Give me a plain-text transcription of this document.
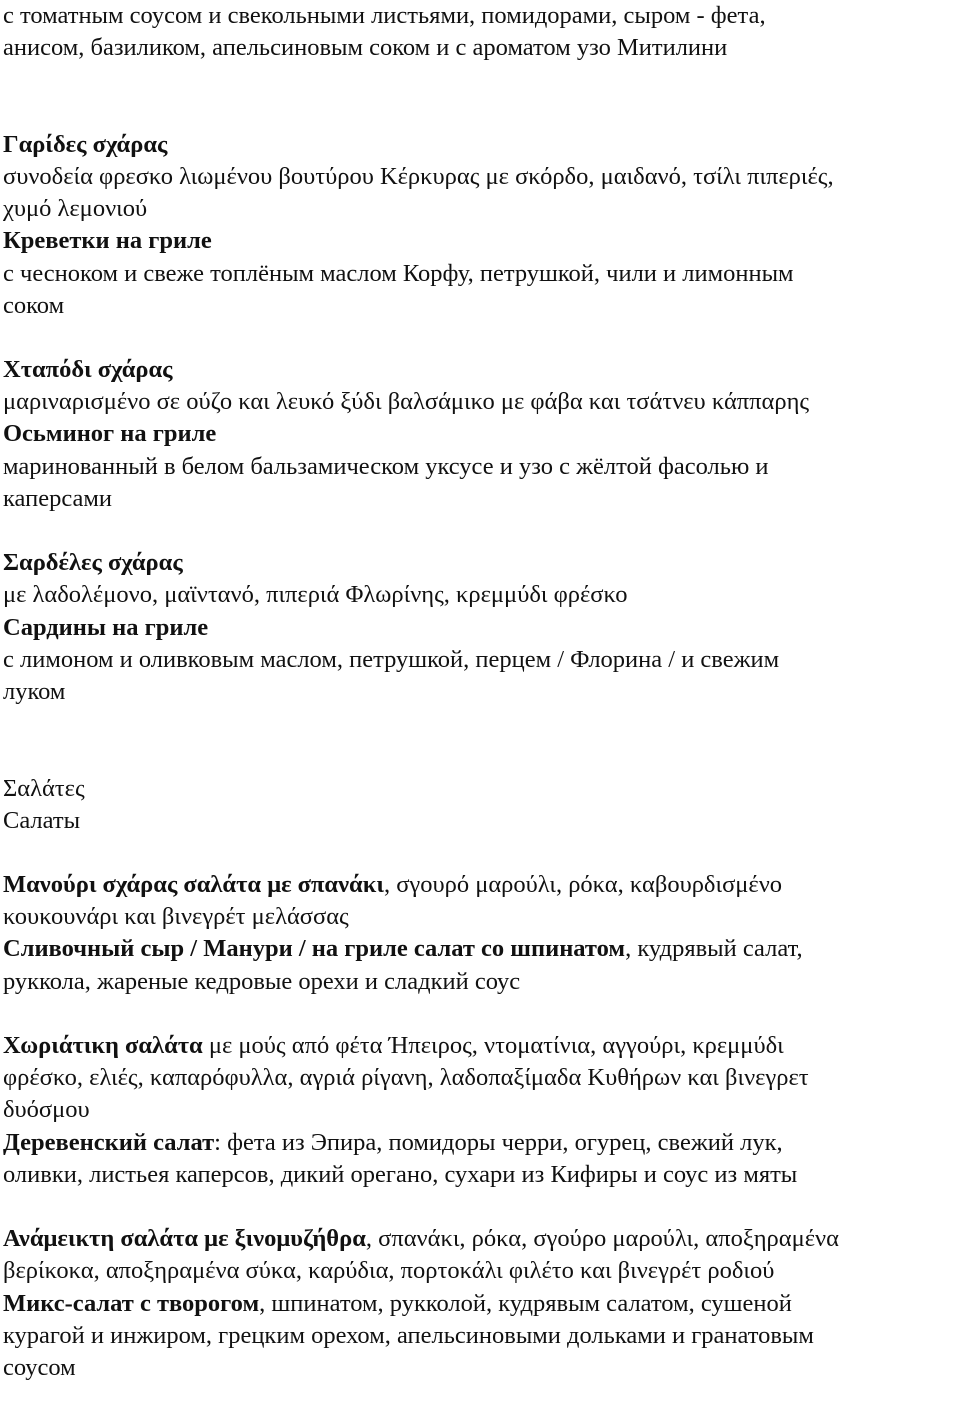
с томатным соусом и свекольными листьями, помидорами, сыром - фета,
анисом, базиликом, апельсиновым соком и с ароматом узо Митилини
Γαρίδες σχάρας
συνοδεία φρεσκο λιωμένου βουτύρου Κέρκυρας με σκόρδο, μαιδανό, τσίλι πιπεριές,
χυμό λεμονιού
Креветки на гриле
с чесноком и свеже топлёным маслом Корфу, петрушкой, чили и лимонным
соком
Χταπόδι σχάρας
μαριναρισμένο σε ούζο και λευκό ξύδι βαλσάμικο με φάβα και τσάτνευ κάππαρης
Осьминог на гриле
маринованный в белом бальзамическом уксусе и узо с жёлтой фасолью и
каперсами
Σαρδέλες σχάρας
με λαδολέμονο, μαϊντανό, πιπεριά Φλωρίνης, κρεμμύδι φρέσκο
Сардины на гриле
с лимоном и оливковым маслом, петрушкой, перцем / Флорина / и свежим
луком
Σαλάτες
Салаты
Μανούρι σχάρας σαλάτα με σπανάκι, σγουρό μαρούλι, ρόκα, καβουρδισμένο
κουκουνάρι και βινεγρέτ μελάσσας
Сливочный сыр / Манури / на гриле салат со шпинатом, кудрявый салат,
руккола, жареные кедровые орехи и сладкий соус
Χωριάτικη σαλάτα με μούς από φέτα Ήπειρος, ντοματίνια, αγγούρι, κρεμμύδι
φρέσκο, ελιές, καπαρόφυλλα, αγριά ρίγανη, λαδοπαξίμαδα Κυθήρων και βινεγρετ
δυόσμου
Деревенский салат: фета из Эпира, помидоры черри, огурец, свежий лук,
оливки, листьея каперсов, дикий орегано, сухари из Кифиры и соус из мяты
Ανάμεικτη σαλάτα με ξινομυζήθρα, σπανάκι, ρόκα, σγούρο μαρούλι, αποξηραμένα
βερίκοκα, αποξηραμένα σύκα, καρύδια, πορτοκάλι φιλέτο και βινεγρέτ ροδιού
Микс-салат с творогом, шпинатом, рукколой, кудрявым салатом, сушеной
курагой и инжиром, грецким орехом, апельсиновыми дольками и гранатовым
соусом
